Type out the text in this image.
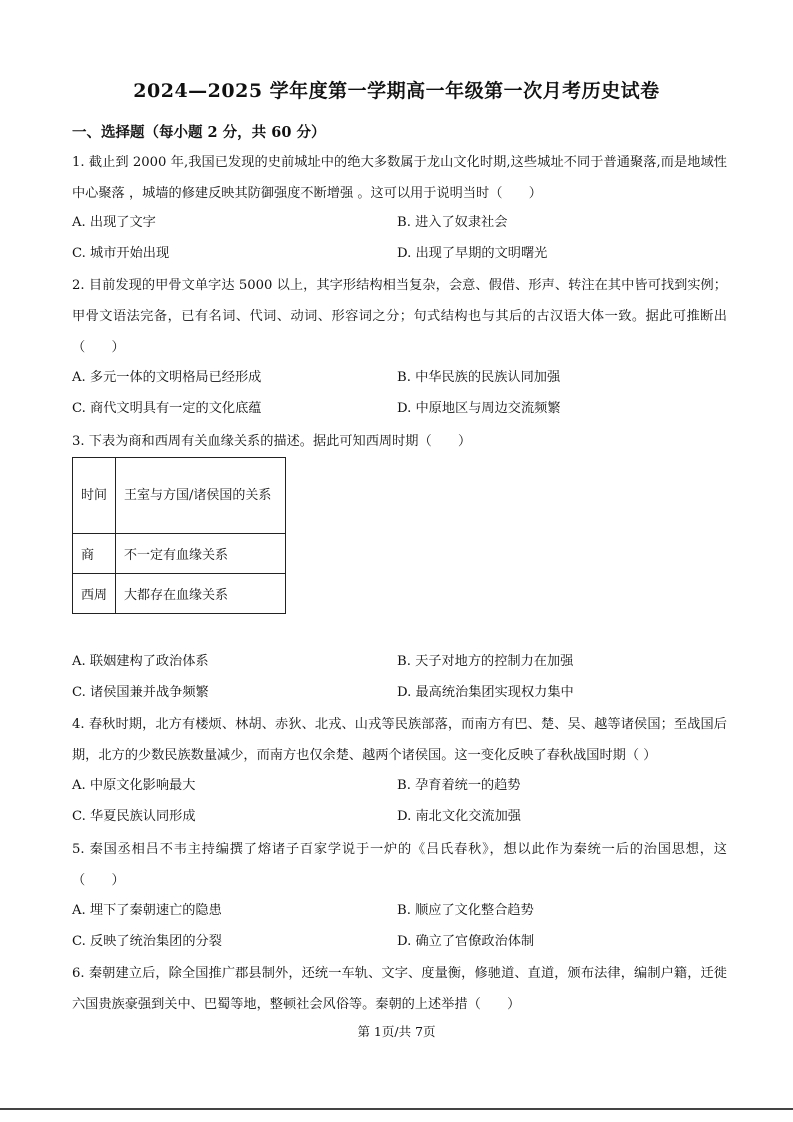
2024—2025 学年度第一学期高一年级第一次月考历史试卷
一、选择题（每小题 2 分，共 60 分）
1. 截止到 2000 年,我国已发现的史前城址中的绝大多数属于龙山文化时期,这些城址不同于普通聚落,而是地域性中心聚落 ，城墙的修建反映其防御强度不断增强 。这可以用于说明当时（　　）
A. 出现了文字	B. 进入了奴隶社会
C. 城市开始出现	D. 出现了早期的文明曙光
2. 目前发现的甲骨文单字达 5000 以上，其字形结构相当复杂，会意、假借、形声、转注在其中皆可找到实例；甲骨文语法完备，已有名词、代词、动词、形容词之分；句式结构也与其后的古汉语大体一致。据此可推断出（　　）
A. 多元一体的文明格局已经形成	B. 中华民族的民族认同加强
C. 商代文明具有一定的文化底蕴	D. 中原地区与周边交流频繁
3. 下表为商和西周有关血缘关系的描述。据此可知西周时期（　　）
时间	王室与方国/诸侯国的关系
商	不一定有血缘关系
西周	大都存在血缘关系
A. 联姻建构了政治体系	B. 天子对地方的控制力在加强
C. 诸侯国兼并战争频繁	D. 最高统治集团实现权力集中
4. 春秋时期，北方有楼烦、林胡、赤狄、北戎、山戎等民族部落，而南方有巴、楚、吴、越等诸侯国；至战国后期，北方的少数民族数量减少，而南方也仅余楚、越两个诸侯国。这一变化反映了春秋战国时期（ ）
A. 中原文化影响最大	B. 孕育着统一的趋势
C. 华夏民族认同形成	D. 南北文化交流加强
5. 秦国丞相吕不韦主持编撰了熔诸子百家学说于一炉的《吕氏春秋》，想以此作为秦统一后的治国思想，这（　　）
A. 埋下了秦朝速亡的隐患	B. 顺应了文化整合趋势
C. 反映了统治集团的分裂	D. 确立了官僚政治体制
6. 秦朝建立后，除全国推广郡县制外，还统一车轨、文字、度量衡，修驰道、直道，颁布法律，编制户籍，迁徙六国贵族豪强到关中、巴蜀等地，整顿社会风俗等。秦朝的上述举措（　　）
第 1页/共 7页
